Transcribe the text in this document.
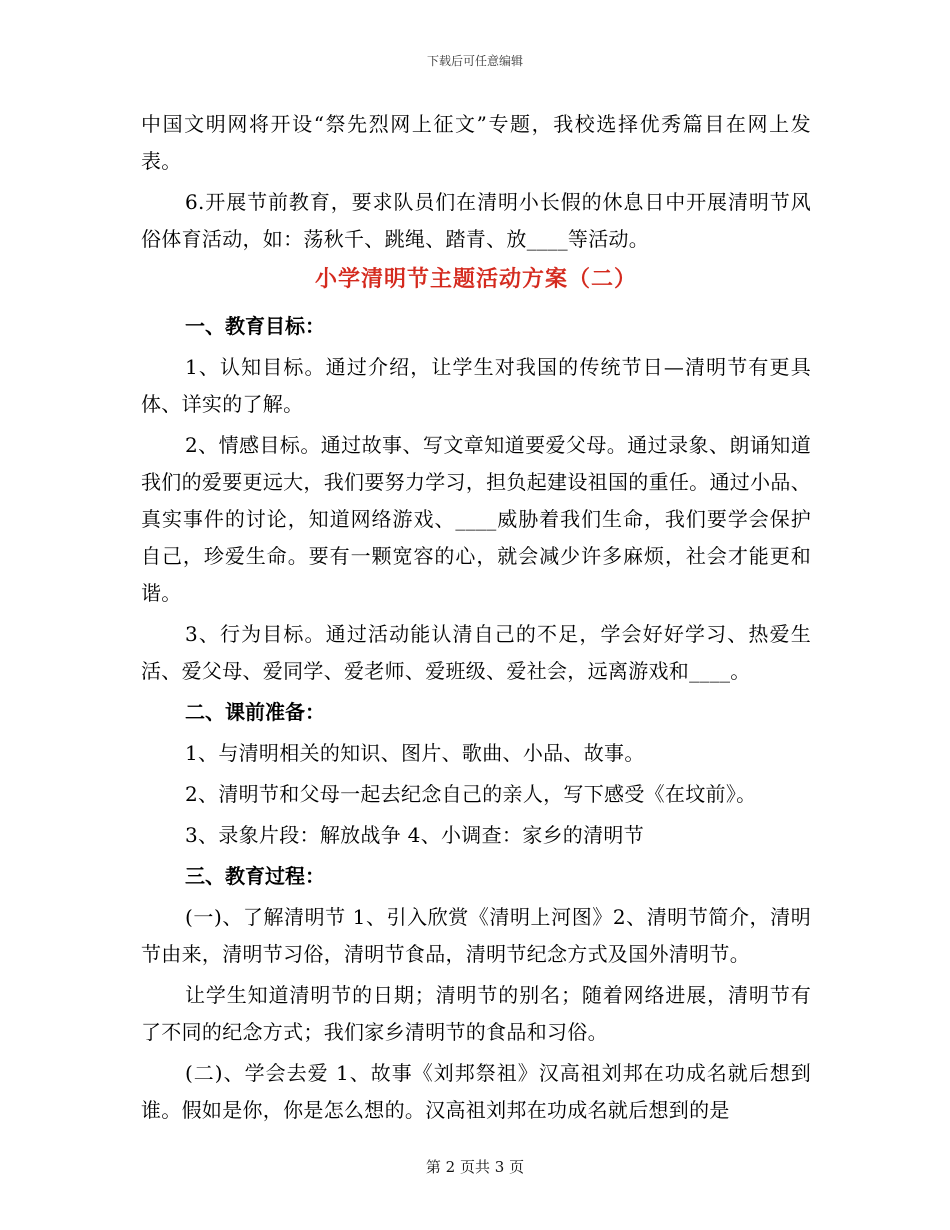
下载后可任意编辑

中国文明网将开设“祭先烈网上征文”专题，我校选择优秀篇目在网上发表。

6.开展节前教育，要求队员们在清明小长假的休息日中开展清明节风俗体育活动，如：荡秋千、跳绳、踏青、放____等活动。

小学清明节主题活动方案（二）
一、教育目标：

1、认知目标。通过介绍，让学生对我国的传统节日—清明节有更具体、详实的了解。

2、情感目标。通过故事、写文章知道要爱父母。通过录象、朗诵知道我们的爱要更远大，我们要努力学习，担负起建设祖国的重任。通过小品、真实事件的讨论，知道网络游戏、____威胁着我们生命，我们要学会保护自己，珍爱生命。要有一颗宽容的心，就会减少许多麻烦，社会才能更和谐。

3、行为目标。通过活动能认清自己的不足，学会好好学习、热爱生活、爱父母、爱同学、爱老师、爱班级、爱社会，远离游戏和____。

二、课前准备：

1、与清明相关的知识、图片、歌曲、小品、故事。

2、清明节和父母一起去纪念自己的亲人，写下感受《在坟前》。

3、录象片段：解放战争 4、小调查：家乡的清明节

三、教育过程：

(一)、了解清明节 1、引入欣赏《清明上河图》2、清明节简介，清明节由来，清明节习俗，清明节食品，清明节纪念方式及国外清明节。

让学生知道清明节的日期；清明节的别名；随着网络进展，清明节有了不同的纪念方式；我们家乡清明节的食品和习俗。

(二)、学会去爱 1、故事《刘邦祭祖》汉高祖刘邦在功成名就后想到谁。假如是你，你是怎么想的。汉高祖刘邦在功成名就后想到的是

第 2 页共 3 页
